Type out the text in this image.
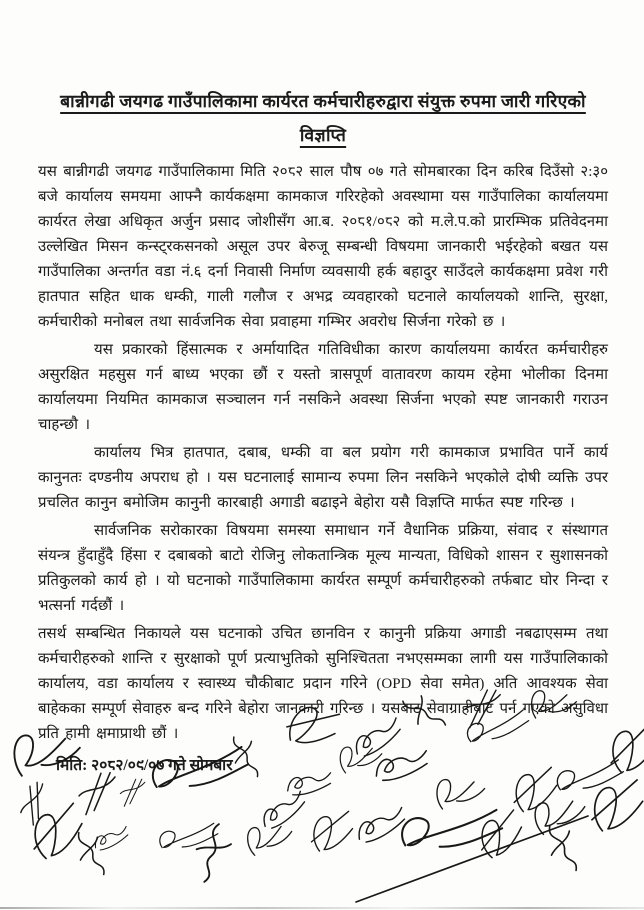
बान्नीगढी जयगढ गाउँपालिकामा कार्यरत कर्मचारीहरुद्वारा संयुक्त रुपमा जारी गरिएको विज्ञप्ति

यस बान्नीगढी जयगढ गाउँपालिकामा मिति २०८२ साल पौष ०७ गते सोमबारका दिन करिब दिउँसो २:३० बजे कार्यालय समयमा आफ्नै कार्यकक्षमा कामकाज गरिरहेको अवस्थामा यस गाउँपालिका कार्यालयमा कार्यरत लेखा अधिकृत अर्जुन प्रसाद जोशीसँग आ.ब. २०८१/०८२ को म.ले.प.को प्रारम्भिक प्रतिवेदनमा उल्लेखित मिसन कन्स्ट्रकसनको असूल उपर बेरुजू सम्बन्धी विषयमा जानकारी भईरहेको बखत यस गाउँपालिका अन्तर्गत वडा नं.६ दर्ना निवासी निर्माण व्यवसायी हर्क बहादुर साउँदले कार्यकक्षमा प्रवेश गरी हातपात सहित धाक धम्की, गाली गलौज र अभद्र व्यवहारको घटनाले कार्यालयको शान्ति, सुरक्षा, कर्मचारीको मनोबल तथा सार्वजनिक सेवा प्रवाहमा गम्भिर अवरोध सिर्जना गरेको छ ।

यस प्रकारको हिंसात्मक र अर्मायादित गतिविधीका कारण कार्यालयमा कार्यरत कर्मचारीहरु असुरक्षित महसुस गर्न बाध्य भएका छौं र यस्तो त्रासपूर्ण वातावरण कायम रहेमा भोलीका दिनमा कार्यालयमा नियमित कामकाज सञ्चालन गर्न नसकिने अवस्था सिर्जना भएको स्पष्ट जानकारी गराउन चाहन्छौ ।

कार्यालय भित्र हातपात, दबाब, धम्की वा बल प्रयोग गरी कामकाज प्रभावित पार्ने कार्य कानुनतः दण्डनीय अपराध हो । यस घटनालाई सामान्य रुपमा लिन नसकिने भएकोले दोषी व्यक्ति उपर प्रचलित कानुन बमोजिम कानुनी कारबाही अगाडी बढाइने बेहोरा यसै विज्ञप्ति मार्फत स्पष्ट गरिन्छ ।

सार्वजनिक सरोकारका विषयमा समस्या समाधान गर्ने वैधानिक प्रक्रिया, संवाद र संस्थागत संयन्त्र हुँदाहुँदै हिंसा र दबाबको बाटो रोजिनु लोकतान्त्रिक मूल्य मान्यता, विधिको शासन र सुशासनको प्रतिकुलको कार्य हो । यो घटनाको गाउँपालिकामा कार्यरत सम्पूर्ण कर्मचारीहरुको तर्फबाट घोर निन्दा र भत्सर्ना गर्दछौं ।

तसर्थ सम्बन्धित निकायले यस घटनाको उचित छानविन र कानुनी प्रक्रिया अगाडी नबढाएसम्म तथा कर्मचारीहरुको शान्ति र सुरक्षाको पूर्ण प्रत्याभुतिको सुनिश्चितता नभएसम्मका लागी यस गाउँपालिकाको कार्यालय, वडा कार्यालय र स्वास्थ्य चौकीबाट प्रदान गरिने (OPD सेवा समेत) अति आवश्यक सेवा बाहेकका सम्पूर्ण सेवाहरु बन्द गरिने बेहोरा जानकारी गरिन्छ । यसबाट सेवाग्राहीबाट पर्न गएको असुविधा प्रति हामी क्षमाप्राथी छौं ।

मिति: २०८२/०९/०७ गते सोमबार
